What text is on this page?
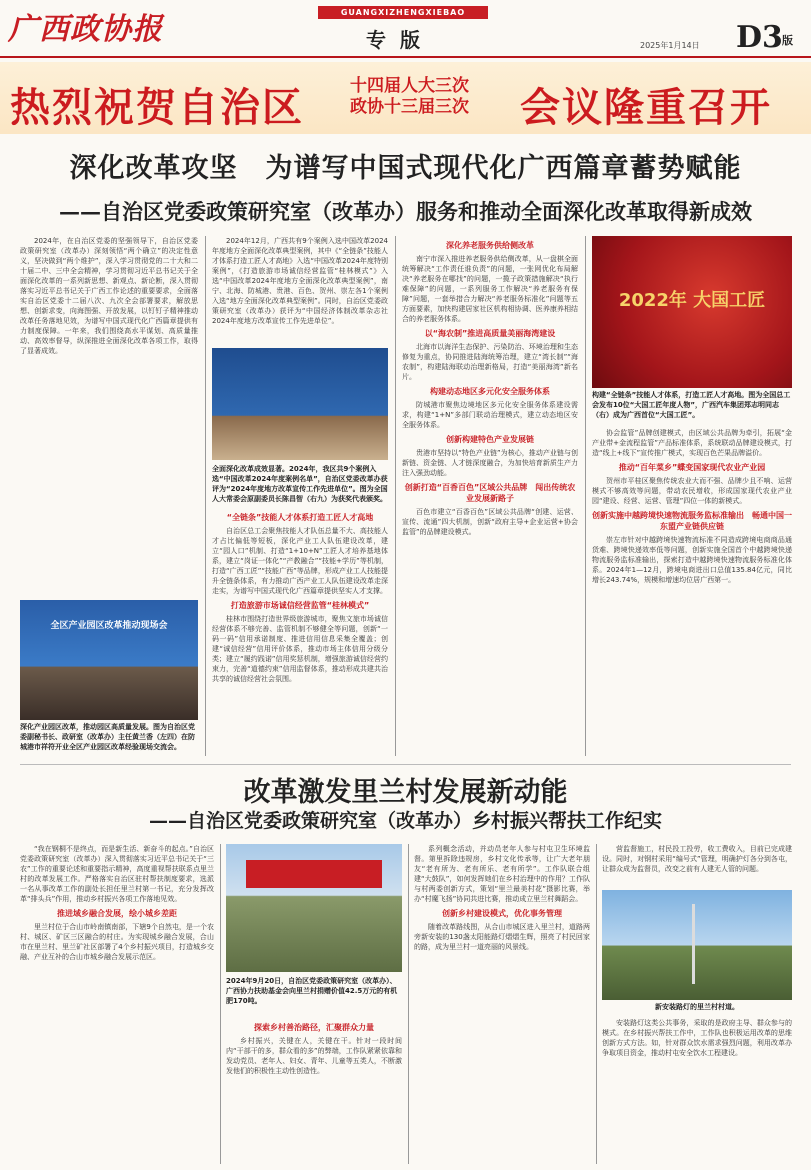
广西政协报	GUANGXIZHENGXIEBAO
专版	2025年1月14日 D3 版
热烈祝贺自治区	十四届人大三次
政协十三届三次 会议隆重召开
深化改革攻坚　为谱写中国式现代化广西篇章蓄势赋能
——自治区党委政策研究室（改革办）服务和推动全面深化改革取得新成效

2024年，在自治区党委的坚强领导下，自治区党委政策研究室（改革办）深刻领悟“两个确立”的决定性意义，坚决做到“两个维护”，深入学习贯彻党的二十大和二十届二中、三中全会精神，学习贯彻习近平总书记关于全面深化改革的一系列新思想、新观点、新论断，深入贯彻落实习近平总书记关于广西工作论述的重要要求，全面落实自治区党委十二届八次、九次全会部署要求，解放思想、创新求变，向海图强、开放发展，以钉钉子精神推动改革任务落地见效，为谱写中国式现代化广西篇章提供有力制度保障。一年来，我们围绕高水平谋划、高质量推动、高效率督导，纵深推进全面深化改革各项工作，取得了显著成效。

全区产业园区改革推动现场会
深化产业园区改革，推动园区高质量发展。图为自治区党委副秘书长、政研室（改革办）主任黄兰香（左四）在防城港市祥符开业全区产业园区改革经验现场交流会。

2024年12月，广西共有9个案例入选中国改革2024年度地方全面深化改革典型案例，其中《“全链条”技能人才体系打造工匠人才高地》入选“中国改革2024年度特别案例”，《打造旅游市场诚信经营监管“桂林模式”》入选“中国改革2024年度地方全面深化改革典型案例”，南宁、北海、防城港、贵港、百色、贺州、崇左各1个案例入选“地方全面深化改革典型案例”。同时，自治区党委政策研究室（改革办）获评为“中国经济体制改革杂志社2024年度地方改革宣传工作先进单位”。

全面深化改革成效显著。2024年，我区共9个案例入选“中国改革2024年度案例名单”，自治区党委改革办获评为“2024年度地方改革宣传工作先进单位”。图为全国人大常委会原副委员长陈昌智（右九）为获奖代表颁奖。
“全链条”技能人才体系打造工匠人才高地

自治区总工会聚焦技能人才队伍总量不大、高技能人才占比偏低等短板，深化产业工人队伍建设改革，建立“园人口”机制、打造“1+10+N”工匠人才培养基地体系，建立“岗证一体化”“产教融合”“技能+学历”等机制，打造“广西工匠”“技能广西”等品牌，形成产业工人技能提升全链条体系，有力推动广西产业工人队伍建设改革走深走实，为谱写中国式现代化广西篇章提供坚实人才支撑。

打造旅游市场诚信经营监管“桂林模式”

桂林市围绕打造世界级旅游城市，聚焦文旅市场诚信经营体系不够完善、监管机制不够健全等问题，创新“一码一码”信用承诺制度、推进信用信息采集全覆盖；创建“诚信经营”信用评价体系，推动市场主体信用分级分类；建立“履约践诺”信用奖惩机制，增强旅游诚信经营约束力，完善“道德约束”信用监督体系，推动形成共建共治共享的诚信经营社会氛围。

深化养老服务供给侧改革

南宁市深入推进养老服务供给侧改革，从一盘棋全面统筹解决“工作责任谁负责”的问题，一张网优化布局解决“养老服务在哪找”的问题，一揽子政策措施解决“执行难保障”的问题，一系列服务工作解决“养老服务有保障”问题，一套举措合力解决“养老服务标准化”问题等五方面要素，加快构建居家社区机构相协调、医养康养相结合的养老服务体系。

以“海农制”推进高质量美丽海湾建设

北海市以海洋生态保护、污染防治、环境治理和生态修复为重点，协同推进陆海统筹治理，建立“湾长制”“海农制”，构建陆海联动治理新格局，打造“美丽海湾”新名片。

构建动态地区多元化安全服务体系

防城港市聚焦边境地区多元化安全服务体系建设需求，构建“1+N”多部门联动治理模式，建立动态地区安全服务体系。

创新构建特色产业发展链

贵港市坚持以“特色产业链”为核心，推动产业链与创新链、资金链、人才链深度融合，为加快培育新质生产力注入强劲动能。

创新打造“百香百色”区域公共品牌　闯出传统农业发展新路子

百色市建立“百香百色”区域公共品牌“创建、运营、宣传、流通”四大机制，创新“政府主导+企业运营+协会监管”的品牌建设模式。

2022年 大国工匠
构建“全链条”技能人才体系，打造工匠人才高地。图为全国总工会发布10位“大国工匠年度人物”，广西汽车集团郑志明同志（右）成为广西首位“大国工匠”。

协会监管”品牌创建模式，由区域公共品牌为牵引，拓展“金产业带+金流程监管”产品标准体系，系统联动品牌建设模式，打造“线上+线下”宣传推广模式，实现百色芒果品牌溢价。

推动“百年菜乡”蝶变国家现代农业产业园

贺州市平桂区聚焦传统农业大而不强、品牌少且不响、运营模式不够高效等问题，带动农民增收，形成国家现代农业产业园“建设、经营、运营、管理”四位一体的新模式。

创新实施中越跨境快速物流服务监标准输出　畅通中国一东盟产业链供应链

崇左市针对中越跨境快速物流标准不同造成跨境电商商品通货难、跨境快递效率低等问题，创新实施全国首个中越跨境快递物流服务监标准输出，探索打造中越跨境快速物流服务标准化体系。2024年1—12月，跨境电商进出口总值135.84亿元，同比增长243.74%，规模和增速均位居广西第一。

改革激发里兰村发展新动能
——自治区党委政策研究室（改革办）乡村振兴帮扶工作纪实

“我在钢桐不是终点，而是新生活、新奋斗的起点。”自治区党委政策研究室（改革办）深入贯彻落实习近平总书记关于“三农”工作的重要论述和重要指示精神，高度重视帮扶联系点里兰村的改革发展工作。严格落实自治区驻村帮扶制度要求，选派一名从事改革工作的副处长担任里兰村第一书记，充分发挥改革“排头兵”作用，推动乡村振兴各项工作落地见效。

推进域乡融合发展，绘小城乡差距

里兰村位于合山市岭南镇南部，下辖9个自然屯，是一个农村、城区、矿区三区融合的村庄。为实现城乡融合发展，合山市在里兰村、里兰矿社区部署了4个乡村振兴项目，打造城乡交融、产业互补的合山市城乡融合发展示范区。

2024年9月20日，自治区党委政策研究室（改革办）、广西协力扶助基金会向里兰村捐赠价值42.5万元的有机肥170吨。
探索乡村善治路径，汇聚群众力量

乡村振兴，关键在人，关键在干。针对一段时间内“干部干的多，群众看的多”的弊端，工作队紧紧依靠和发动党员、老年人、妇女、青年、儿童等五类人，不断激发他们的积极性主动性创造性。

系列概念活动，并动员老年人参与村屯卫生环境监督。第里拆除违规房，乡村文化传承等，让广大老年朋友“老有所为、老有所乐、老有所学”。工作队联合组建“大鼓队”，如何发挥她们在乡村治理中的作用？工作队与村两委创新方式，策划“里兰最美村花”摄影比赛，举办“村魔飞扬”协同共进比赛，推动成立里兰村舞蹈会。

创新乡村建设模式，优化事务管理

随着改革路线图，从合山市城区进入里兰村，道路两旁新安装的130盏太阳能路灯熠熠生辉，照亮了村民回家的路，成为里兰村一道亮丽的风景线。

营监督施工，村民投工投劳，收工费收入，目前已完成建设。同时，对钢村采用“编号式”管理，明确护灯各分到各屯，让群众成为监督员，改变之前有人建无人管的问题。

新安装路灯的里兰村村道。

安装路灯这类公共事务，采取的是政府主导、群众参与的模式。在乡村振兴帮扶工作中，工作队也积极运用改革的思维创新方式方法。如，针对群众饮水需求强烈问题，利用改革办争取项目资金，推动村屯安全饮水工程建设。
